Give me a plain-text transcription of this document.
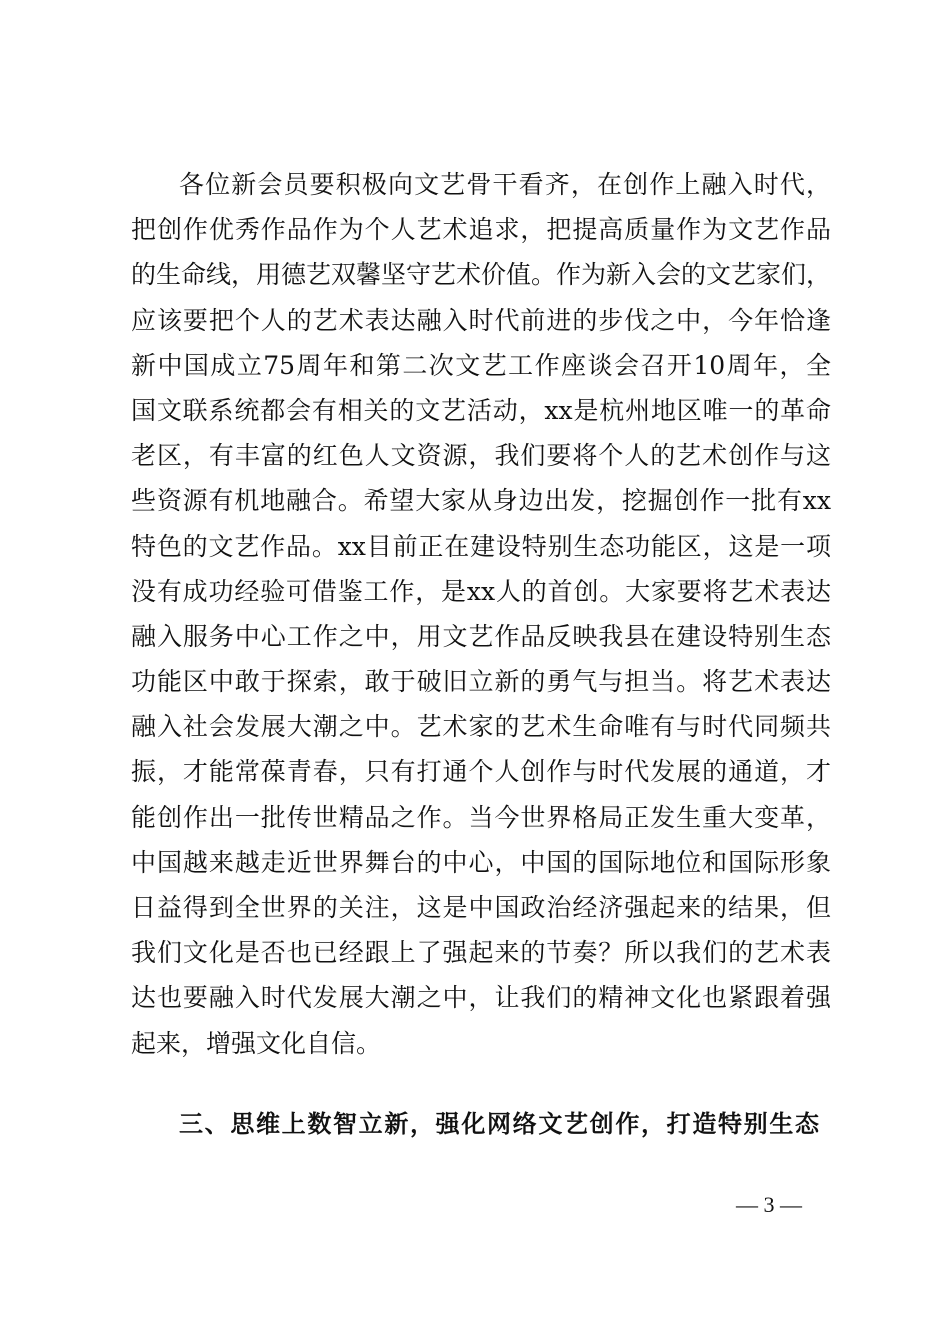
各位新会员要积极向文艺骨干看齐，在创作上融入时代，
把创作优秀作品作为个人艺术追求，把提高质量作为文艺作品
的生命线，用德艺双馨坚守艺术价值。作为新入会的文艺家们，
应该要把个人的艺术表达融入时代前进的步伐之中，今年恰逢
新中国成立75周年和第二次文艺工作座谈会召开10周年，全
国文联系统都会有相关的文艺活动，xx是杭州地区唯一的革命
老区，有丰富的红色人文资源，我们要将个人的艺术创作与这
些资源有机地融合。希望大家从身边出发，挖掘创作一批有xx
特色的文艺作品。xx目前正在建设特别生态功能区，这是一项
没有成功经验可借鉴工作，是xx人的首创。大家要将艺术表达
融入服务中心工作之中，用文艺作品反映我县在建设特别生态
功能区中敢于探索，敢于破旧立新的勇气与担当。将艺术表达
融入社会发展大潮之中。艺术家的艺术生命唯有与时代同频共
振，才能常葆青春，只有打通个人创作与时代发展的通道，才
能创作出一批传世精品之作。当今世界格局正发生重大变革，
中国越来越走近世界舞台的中心，中国的国际地位和国际形象
日益得到全世界的关注，这是中国政治经济强起来的结果，但
我们文化是否也已经跟上了强起来的节奏？所以我们的艺术表
达也要融入时代发展大潮之中，让我们的精神文化也紧跟着强
起来，增强文化自信。
三、思维上数智立新，强化网络文艺创作，打造特别生态
— 3 —
